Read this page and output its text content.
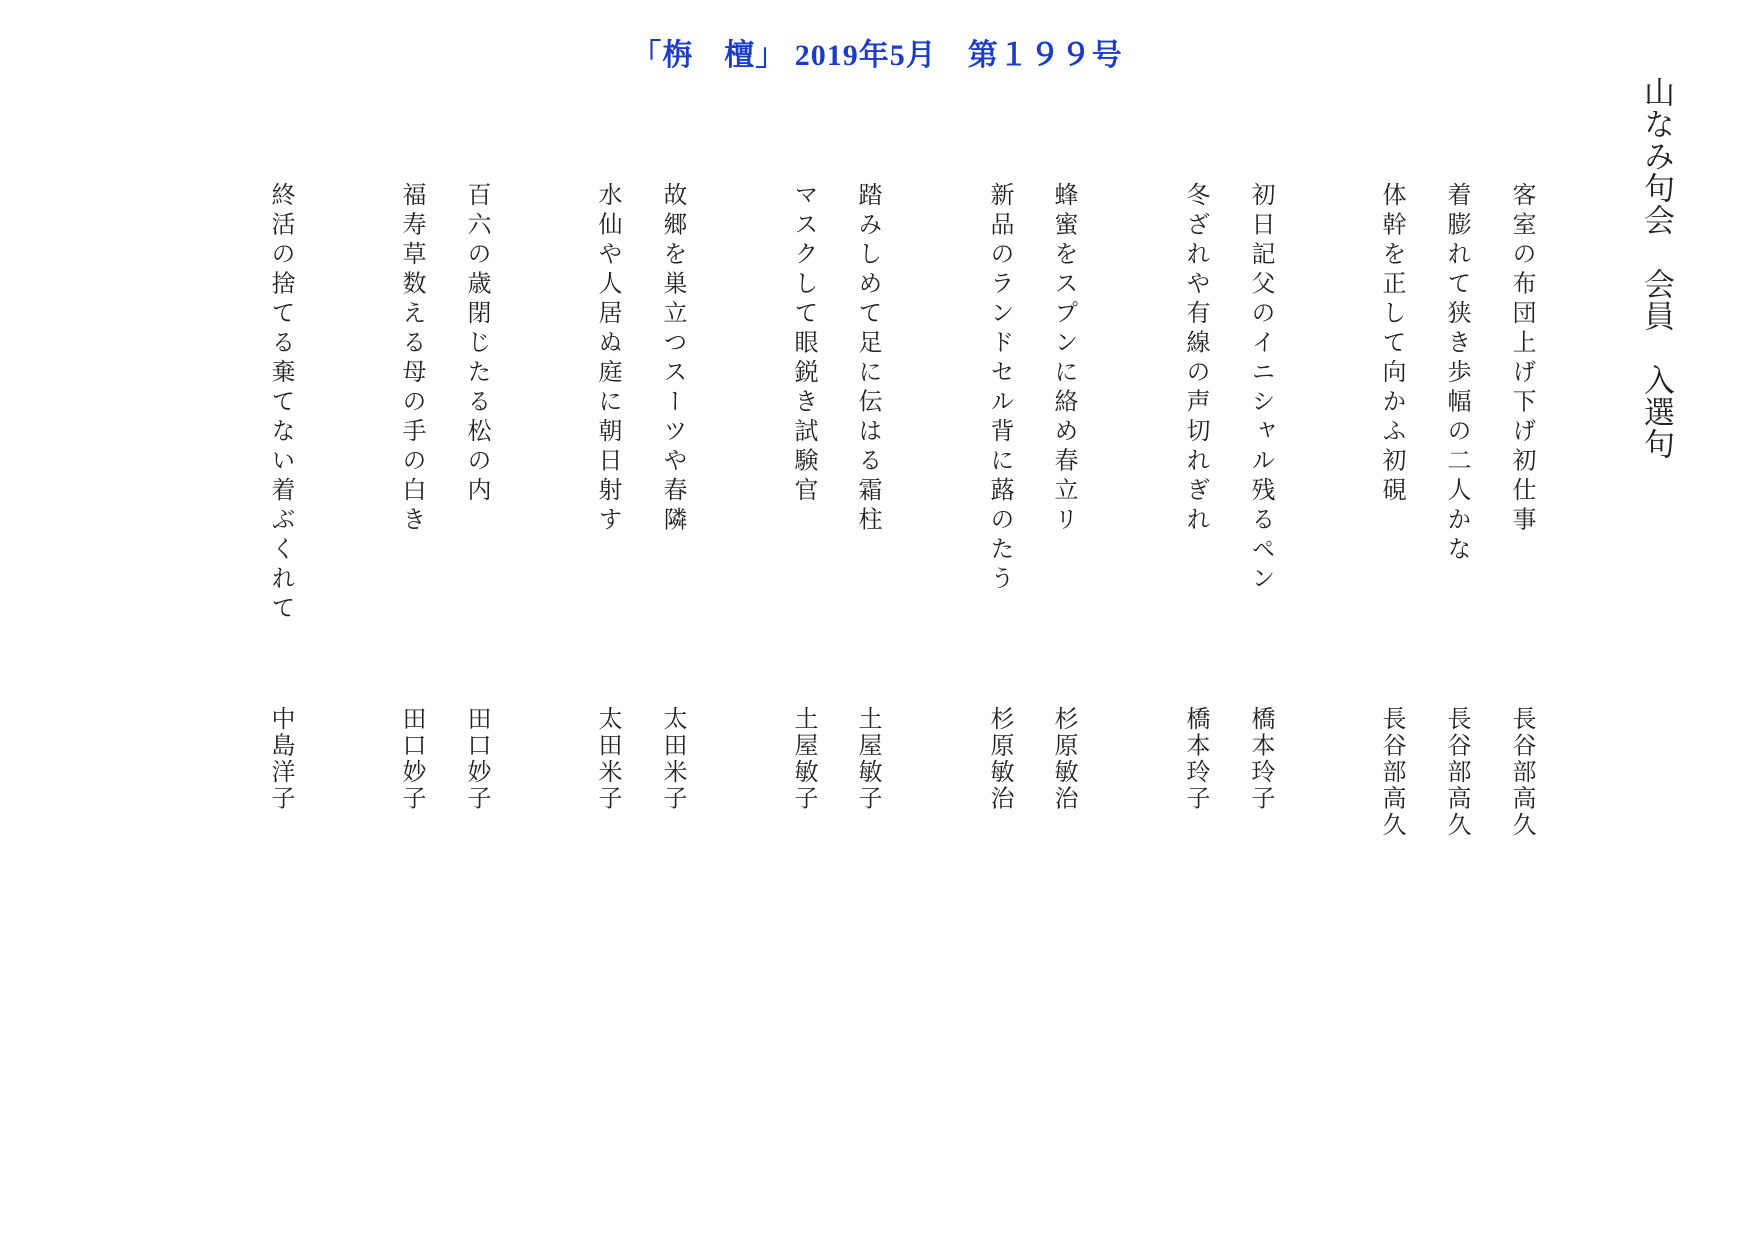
「栴　檀」 2019年5月　第１９９号
山なみ句会　会員　入選句
客室の布団上げ下げ初仕事
長谷部高久
着膨れて狭き歩幅の二人かな
長谷部高久
体幹を正して向かふ初硯
長谷部高久
初日記父のイニシャル残るペン
橋本玲子
冬ざれや有線の声切れぎれ
橋本玲子
蜂蜜をスプンに絡め春立リ
杉原敏治
新品のランドセル背に蕗のたう
杉原敏治
踏みしめて足に伝はる霜柱
土屋敏子
マスクして眼鋭き試験官
土屋敏子
故郷を巣立つスーツや春隣
太田米子
水仙や人居ぬ庭に朝日射す
太田米子
百六の歳閉じたる松の内
田口妙子
福寿草数える母の手の白き
田口妙子
終活の捨てる棄てない着ぶくれて
中島洋子
